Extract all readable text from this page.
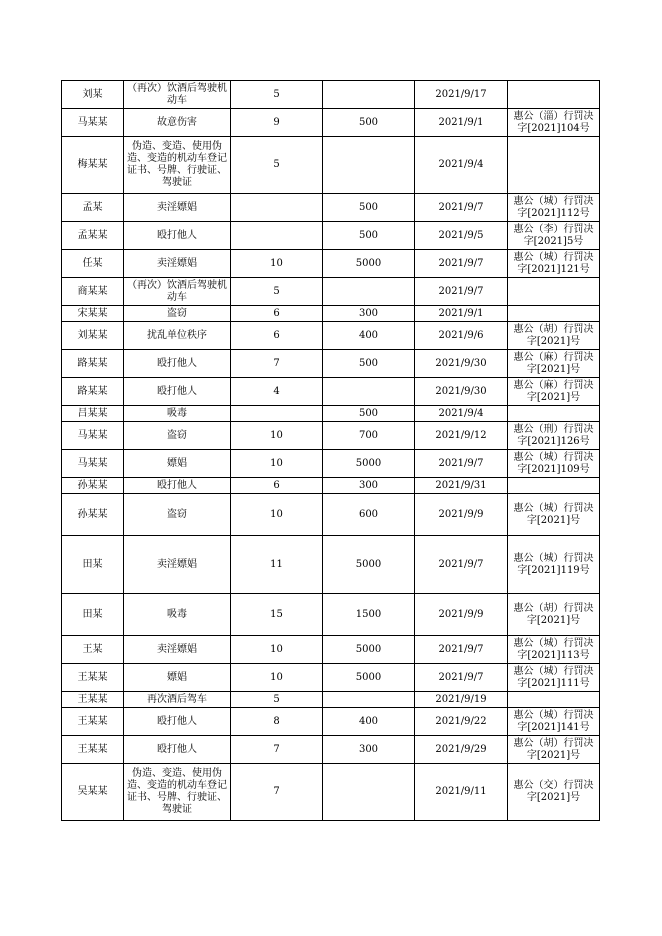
刘某	（再次）饮酒后驾驶机动车	5		2021/9/17	
马某某	故意伤害	9	500	2021/9/1	惠公（淄）行罚决字[2021]104号
梅某某	伪造、变造、使用伪造、变造的机动车登记证书、号牌、行驶证、驾驶证	5		2021/9/4	
孟某	卖淫嫖娼		500	2021/9/7	惠公（城）行罚决字[2021]112号
孟某某	殴打他人		500	2021/9/5	惠公（李）行罚决字[2021]5号
任某	卖淫嫖娼	10	5000	2021/9/7	惠公（城）行罚决字[2021]121号
商某某	（再次）饮酒后驾驶机动车	5		2021/9/7	
宋某某	盗窃	6	300	2021/9/1	
刘某某	扰乱单位秩序	6	400	2021/9/6	惠公（胡）行罚决字[2021]号
路某某	殴打他人	7	500	2021/9/30	惠公（麻）行罚决字[2021]号
路某某	殴打他人	4		2021/9/30	惠公（麻）行罚决字[2021]号
吕某某	吸毒		500	2021/9/4	
马某某	盗窃	10	700	2021/9/12	惠公（刑）行罚决字[2021]126号
马某某	嫖娼	10	5000	2021/9/7	惠公（城）行罚决字[2021]109号
孙某某	殴打他人	6	300	2021/9/31	
孙某某	盗窃	10	600	2021/9/9	惠公（城）行罚决字[2021]号
田某	卖淫嫖娼	11	5000	2021/9/7	惠公（城）行罚决字[2021]119号
田某	吸毒	15	1500	2021/9/9	惠公（胡）行罚决字[2021]号
王某	卖淫嫖娼	10	5000	2021/9/7	惠公（城）行罚决字[2021]113号
王某某	嫖娼	10	5000	2021/9/7	惠公（城）行罚决字[2021]111号
王某某	再次酒后驾车	5		2021/9/19	
王某某	殴打他人	8	400	2021/9/22	惠公（城）行罚决字[2021]141号
王某某	殴打他人	7	300	2021/9/29	惠公（胡）行罚决字[2021]号
吴某某	伪造、变造、使用伪造、变造的机动车登记证书、号牌、行驶证、驾驶证	7		2021/9/11	惠公（交）行罚决字[2021]号
